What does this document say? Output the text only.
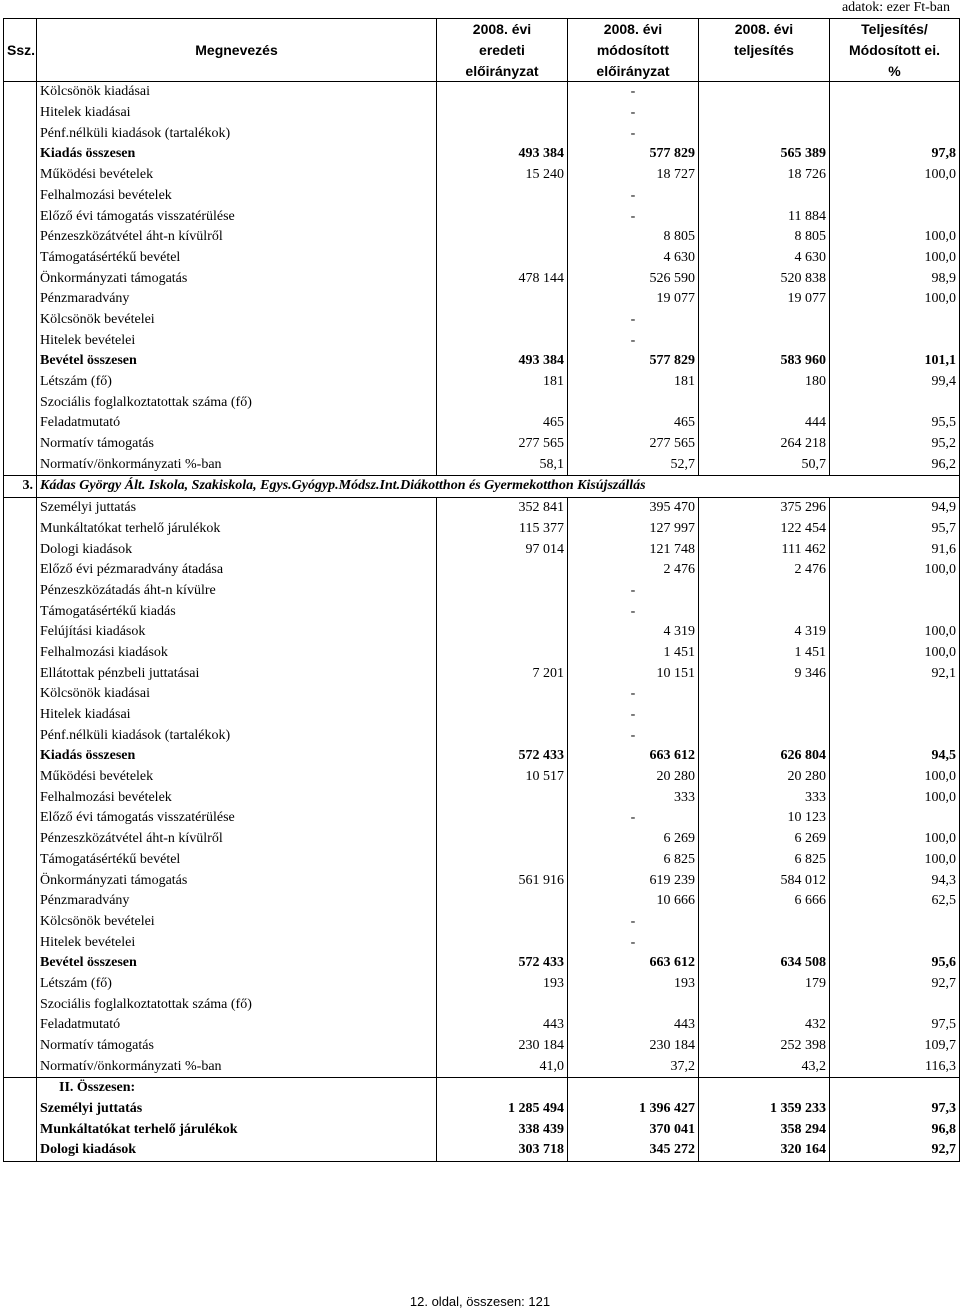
adatok: ezer Ft-ban
		2008. évi	2008. évi	2008. évi	Teljesítés/
Ssz.	Megnevezés	eredeti	módosított	teljesítés	Módosított ei.
		előirányzat	előirányzat		%
	Kölcsönök kiadásai		-		
	Hitelek kiadásai		-		
	Pénf.nélküli kiadások (tartalékok)		-		
	Kiadás összesen	493 384	577 829	565 389	97,8
	Működési bevételek	15 240	18 727	18 726	100,0
	Felhalmozási bevételek		-		
	Előző évi támogatás visszatérülése		-	11 884	
	Pénzeszközátvétel áht-n kívülről		8 805	8 805	100,0
	Támogatásértékű bevétel		4 630	4 630	100,0
	Önkormányzati támogatás	478 144	526 590	520 838	98,9
	Pénzmaradvány		19 077	19 077	100,0
	Kölcsönök bevételei		-		
	Hitelek bevételei		-		
	Bevétel összesen	493 384	577 829	583 960	101,1
	Létszám (fő)	181	181	180	99,4
	Szociális foglalkoztatottak száma (fő)				
	Feladatmutató	465	465	444	95,5
	Normatív támogatás	277 565	277 565	264 218	95,2
	Normatív/önkormányzati %-ban	58,1	52,7	50,7	96,2
3.	Kádas György Ált. Iskola, Szakiskola, Egys.Gyógyp.Módsz.Int.Diákotthon és Gyermekotthon Kisújszállás				
	Személyi juttatás	352 841	395 470	375 296	94,9
	Munkáltatókat terhelő járulékok	115 377	127 997	122 454	95,7
	Dologi kiadások	97 014	121 748	111 462	91,6
	Előző évi pézmaradvány átadása		2 476	2 476	100,0
	Pénzeszközátadás áht-n kívülre		-		
	Támogatásértékű kiadás		-		
	Felújítási kiadások		4 319	4 319	100,0
	Felhalmozási kiadások		1 451	1 451	100,0
	Ellátottak pénzbeli juttatásai	7 201	10 151	9 346	92,1
	Kölcsönök kiadásai		-		
	Hitelek kiadásai		-		
	Pénf.nélküli kiadások (tartalékok)		-		
	Kiadás összesen	572 433	663 612	626 804	94,5
	Működési bevételek	10 517	20 280	20 280	100,0
	Felhalmozási bevételek		333	333	100,0
	Előző évi támogatás visszatérülése		-	10 123	
	Pénzeszközátvétel áht-n kívülről		6 269	6 269	100,0
	Támogatásértékű bevétel		6 825	6 825	100,0
	Önkormányzati támogatás	561 916	619 239	584 012	94,3
	Pénzmaradvány		10 666	6 666	62,5
	Kölcsönök bevételei		-		
	Hitelek bevételei		-		
	Bevétel összesen	572 433	663 612	634 508	95,6
	Létszám (fő)	193	193	179	92,7
	Szociális foglalkoztatottak száma (fő)				
	Feladatmutató	443	443	432	97,5
	Normatív támogatás	230 184	230 184	252 398	109,7
	Normatív/önkormányzati %-ban	41,0	37,2	43,2	116,3
	II. Összesen:				
	Személyi juttatás	1 285 494	1 396 427	1 359 233	97,3
	Munkáltatókat terhelő járulékok	338 439	370 041	358 294	96,8
	Dologi kiadások	303 718	345 272	320 164	92,7
12. oldal, összesen: 121
